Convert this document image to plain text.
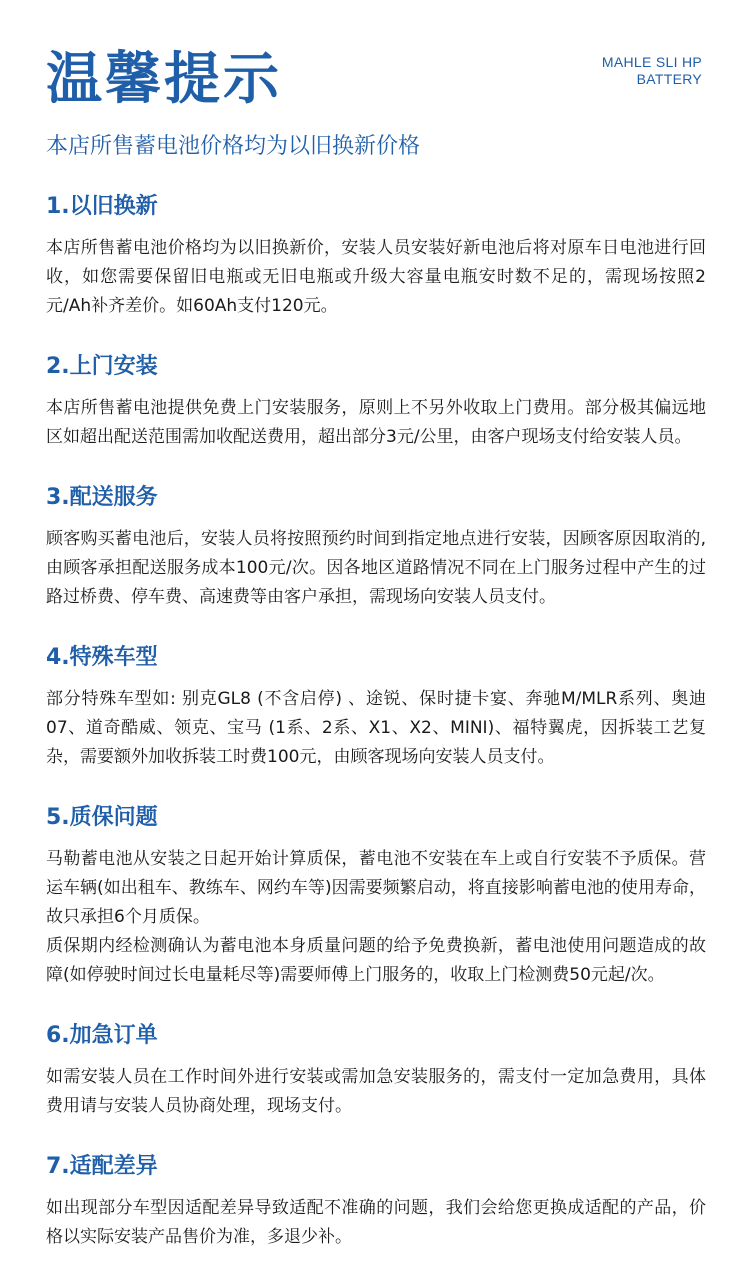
MAHLE SLI HP
BATTERY
温馨提示
本店所售蓄电池价格均为以旧换新价格
1.以旧换新

本店所售蓄电池价格均为以旧换新价，安装人员安装好新电池后将对原车日电池进行回收，如您需要保留旧电瓶或无旧电瓶或升级大容量电瓶安时数不足的，需现场按照2元/Ah补齐差价。如60Ah支付120元。

2.上门安装

本店所售蓄电池提供免费上门安装服务，原则上不另外收取上门费用。部分极其偏远地区如超出配送范围需加收配送费用，超出部分3元/公里，由客户现场支付给安装人员。

3.配送服务

顾客购买蓄电池后，安装人员将按照预约时间到指定地点进行安装，因顾客原因取消的,由顾客承担配送服务成本100元/次。因各地区道路情况不同在上门服务过程中产生的过路过桥费、停车费、高速费等由客户承担，需现场向安装人员支付。

4.特殊车型

部分特殊车型如: 别克GL8 (不含启停) 、途锐、保时捷卡宴、奔驰M/MLR系列、奥迪07、道奇酷威、领克、宝马 (1系、2系、X1、X2、MINI)、福特翼虎，因拆装工艺复杂，需要额外加收拆装工时费100元，由顾客现场向安装人员支付。

5.质保问题

马勒蓄电池从安装之日起开始计算质保，蓄电池不安装在车上或自行安装不予质保。营运车辆(如出租车、教练车、网约车等)因需要频繁启动，将直接影响蓄电池的使用寿命，故只承担6个月质保。

质保期内经检测确认为蓄电池本身质量问题的给予免费换新，蓄电池使用问题造成的故障(如停驶时间过长电量耗尽等)需要师傅上门服务的，收取上门检测费50元起/次。

6.加急订单

如需安装人员在工作时间外进行安装或需加急安装服务的，需支付一定加急费用，具体费用请与安装人员协商处理，现场支付。

7.适配差异

如出现部分车型因适配差异导致适配不准确的问题，我们会给您更换成适配的产品，价格以实际安装产品售价为准，多退少补。
